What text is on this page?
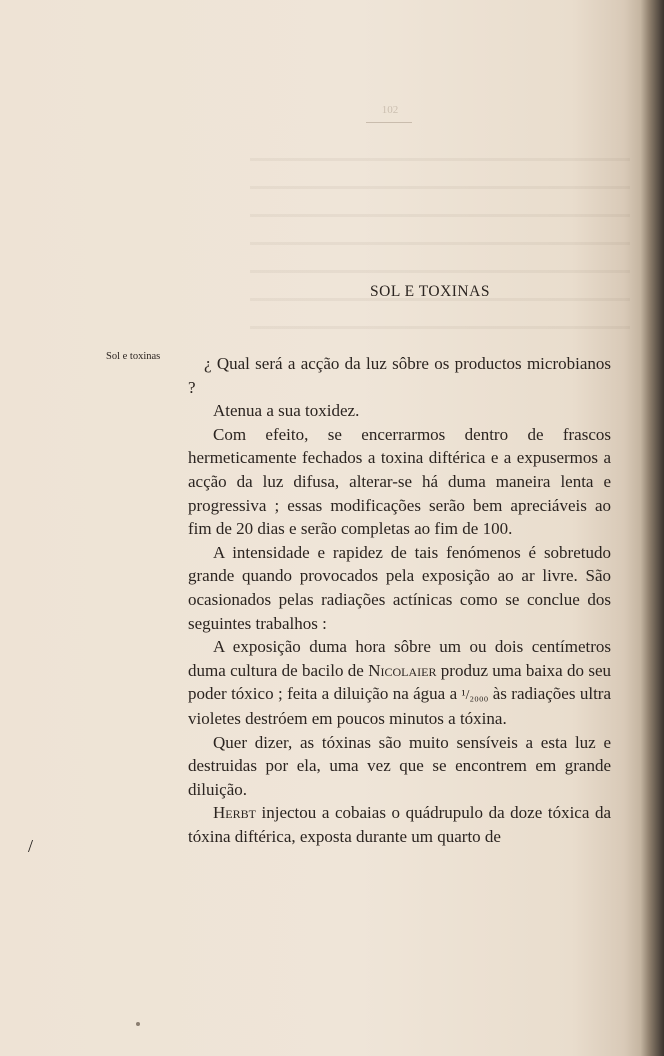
102
SOL E TOXINAS
Sol e toxinas	¿ Qual será a acção da luz sôbre os productos microbianos ?

Atenua a sua toxidez.

Com efeito, se encerrarmos dentro de frascos hermeticamente fechados a toxina diftérica e a expusermos a acção da luz difusa, alterar-se há duma maneira lenta e progressiva ; essas modificações serão bem apreciáveis ao fim de 20 dias e serão completas ao fim de 100.

A intensidade e rapidez de tais fenómenos é sobretudo grande quando provocados pela exposição ao ar livre. São ocasionados pelas radiações actínicas como se conclue dos seguintes trabalhos :

A exposição duma hora sôbre um ou dois centímetros duma cultura de bacilo de Nicolaier produz uma baixa do seu poder tóxico ; feita a diluição na água a ¹/₂₀₀₀ às radiações ultra violetes destróem em poucos minutos a tóxina.

Quer dizer, as tóxinas são muito sensíveis a esta luz e destruidas por ela, uma vez que se encontrem em grande diluição.

Herbt injectou a cobaias o quádrupulo da doze tóxica da tóxina diftérica, exposta durante um quarto de

/
